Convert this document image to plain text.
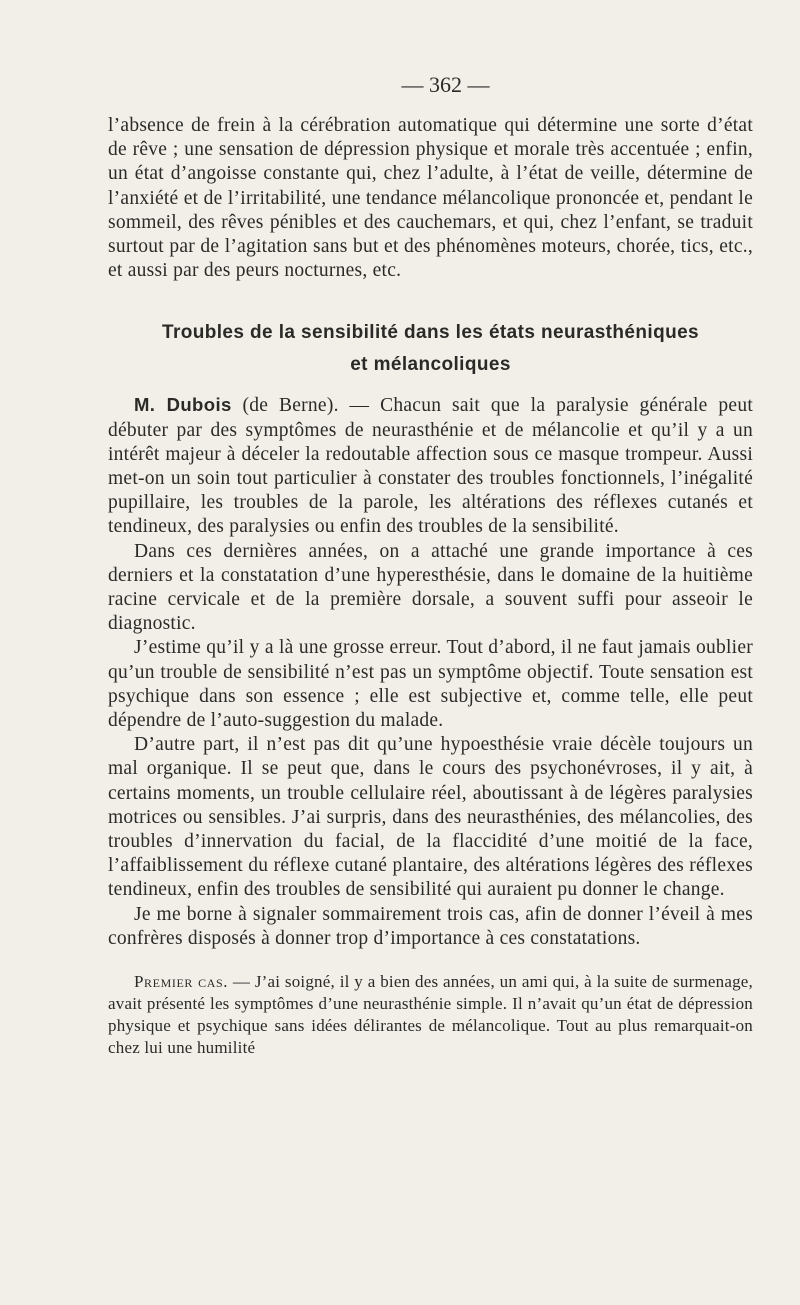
— 362 —

l’absence de frein à la cérébration automatique qui détermine une sorte d’état de rêve ; une sensation de dépression physique et morale très accentuée ; enfin, un état d’angoisse constante qui, chez l’adulte, à l’état de veille, détermine de l’anxiété et de l’irritabilité, une tendance mélancolique prononcée et, pendant le sommeil, des rêves pénibles et des cauchemars, et qui, chez l’enfant, se traduit surtout par de l’agitation sans but et des phénomènes moteurs, chorée, tics, etc., et aussi par des peurs nocturnes, etc.

Troubles de la sensibilité dans les états neurasthéniques
et mélancoliques

M. Dubois (de Berne). — Chacun sait que la paralysie générale peut débuter par des symptômes de neurasthénie et de mélancolie et qu’il y a un intérêt majeur à déceler la redoutable affection sous ce masque trompeur. Aussi met-on un soin tout particulier à constater des troubles fonctionnels, l’inégalité pupillaire, les troubles de la parole, les altérations des réflexes cutanés et tendineux, des paralysies ou enfin des troubles de la sensibilité.

Dans ces dernières années, on a attaché une grande importance à ces derniers et la constatation d’une hyperesthésie, dans le domaine de la huitième racine cervicale et de la première dorsale, a souvent suffi pour asseoir le diagnostic.

J’estime qu’il y a là une grosse erreur. Tout d’abord, il ne faut jamais oublier qu’un trouble de sensibilité n’est pas un symptôme objectif. Toute sensation est psychique dans son essence ; elle est subjective et, comme telle, elle peut dépendre de l’auto-suggestion du malade.

D’autre part, il n’est pas dit qu’une hypoesthésie vraie décèle toujours un mal organique. Il se peut que, dans le cours des psychonévroses, il y ait, à certains moments, un trouble cellulaire réel, aboutissant à de légères paralysies motrices ou sensibles. J’ai surpris, dans des neurasthénies, des mélancolies, des troubles d’innervation du facial, de la flaccidité d’une moitié de la face, l’affaiblissement du réflexe cutané plantaire, des altérations légères des réflexes tendineux, enfin des troubles de sensibilité qui auraient pu donner le change.

Je me borne à signaler sommairement trois cas, afin de donner l’éveil à mes confrères disposés à donner trop d’importance à ces constatations.

Premier cas. — J’ai soigné, il y a bien des années, un ami qui, à la suite de surmenage, avait présenté les symptômes d’une neurasthénie simple. Il n’avait qu’un état de dépression physique et psychique sans idées délirantes de mélancolique. Tout au plus remarquait-on chez lui une humilité
